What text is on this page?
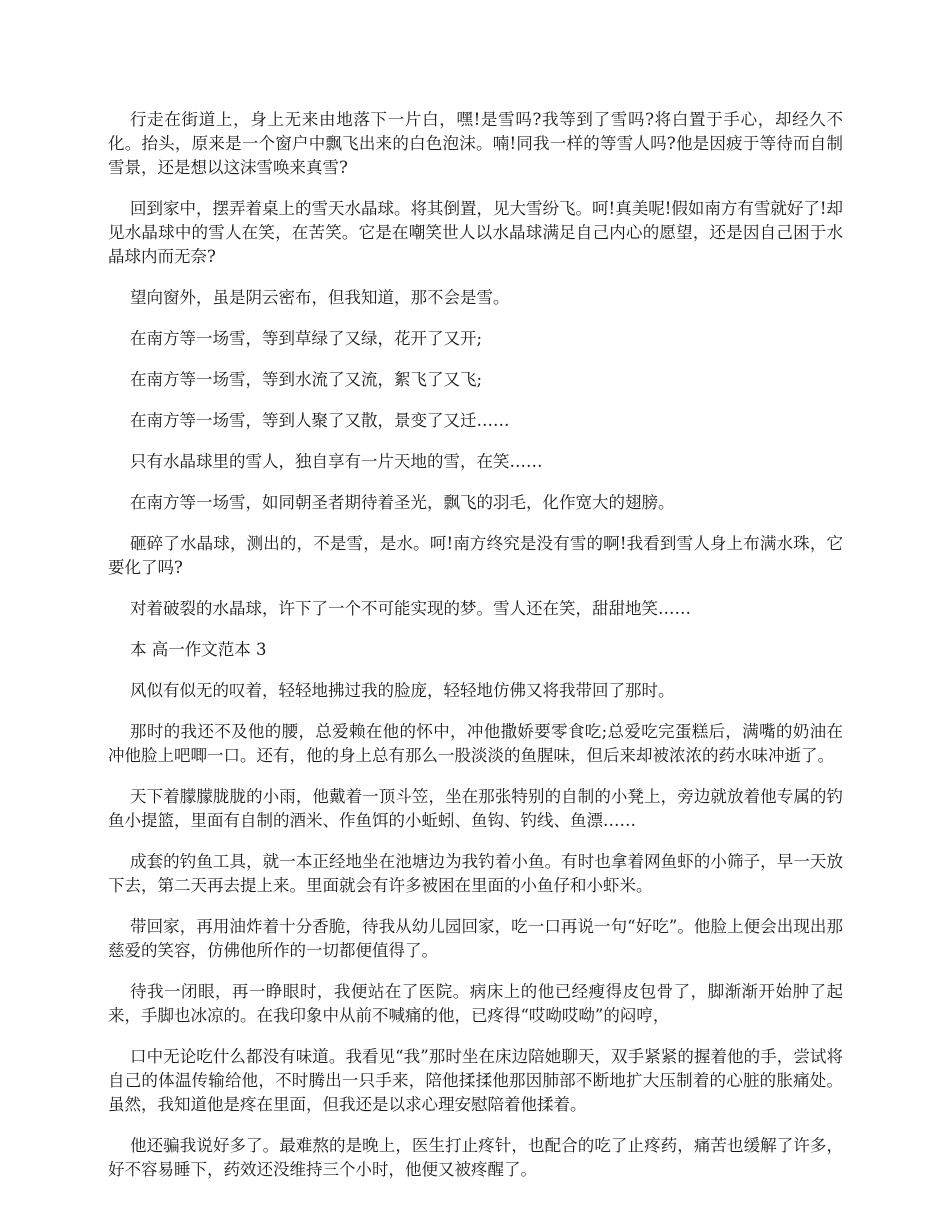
行走在街道上，身上无来由地落下一片白，嘿!是雪吗?我等到了雪吗?将白置于手心，却经久不化。抬头，原来是一个窗户中飘飞出来的白色泡沫。喃!同我一样的等雪人吗?他是因疲于等待而自制雪景，还是想以这沫雪唤来真雪?

回到家中，摆弄着桌上的雪天水晶球。将其倒置，见大雪纷飞。呵!真美呢!假如南方有雪就好了!却见水晶球中的雪人在笑，在苦笑。它是在嘲笑世人以水晶球满足自己内心的愿望，还是因自己困于水晶球内而无奈?

望向窗外，虽是阴云密布，但我知道，那不会是雪。

在南方等一场雪，等到草绿了又绿，花开了又开;

在南方等一场雪，等到水流了又流，絮飞了又飞;

在南方等一场雪，等到人聚了又散，景变了又迁……

只有水晶球里的雪人，独自享有一片天地的雪，在笑……

在南方等一场雪，如同朝圣者期待着圣光，飘飞的羽毛，化作宽大的翅膀。

砸碎了水晶球，测出的，不是雪，是水。呵!南方终究是没有雪的啊!我看到雪人身上布满水珠，它要化了吗?

对着破裂的水晶球，许下了一个不可能实现的梦。雪人还在笑，甜甜地笑……

本 高一作文范本 3

风似有似无的叹着，轻轻地拂过我的脸庞，轻轻地仿佛又将我带回了那时。

那时的我还不及他的腰，总爱赖在他的怀中，冲他撒娇要零食吃;总爱吃完蛋糕后，满嘴的奶油在冲他脸上吧唧一口。还有，他的身上总有那么一股淡淡的鱼腥味，但后来却被浓浓的药水味冲逝了。

天下着朦朦胧胧的小雨，他戴着一顶斗笠，坐在那张特别的自制的小凳上，旁边就放着他专属的钓鱼小提篮，里面有自制的酒米、作鱼饵的小蚯蚓、鱼钩、钓线、鱼漂……

成套的钓鱼工具，就一本正经地坐在池塘边为我钓着小鱼。有时也拿着网鱼虾的小筛子，早一天放下去，第二天再去提上来。里面就会有许多被困在里面的小鱼仔和小虾米。

带回家，再用油炸着十分香脆，待我从幼儿园回家，吃一口再说一句“好吃”。他脸上便会出现出那慈爱的笑容，仿佛他所作的一切都便值得了。

待我一闭眼，再一睁眼时，我便站在了医院。病床上的他已经瘦得皮包骨了，脚渐渐开始肿了起来，手脚也冰凉的。在我印象中从前不喊痛的他，已疼得“哎呦哎呦”的闷哼，

口中无论吃什么都没有味道。我看见“我”那时坐在床边陪她聊天，双手紧紧的握着他的手，尝试将自己的体温传输给他，不时腾出一只手来，陪他揉揉他那因肺部不断地扩大压制着的心脏的胀痛处。虽然，我知道他是疼在里面，但我还是以求心理安慰陪着他揉着。

他还骗我说好多了。最难熬的是晚上，医生打止疼针，也配合的吃了止疼药，痛苦也缓解了许多，好不容易睡下，药效还没维持三个小时，他便又被疼醒了。
